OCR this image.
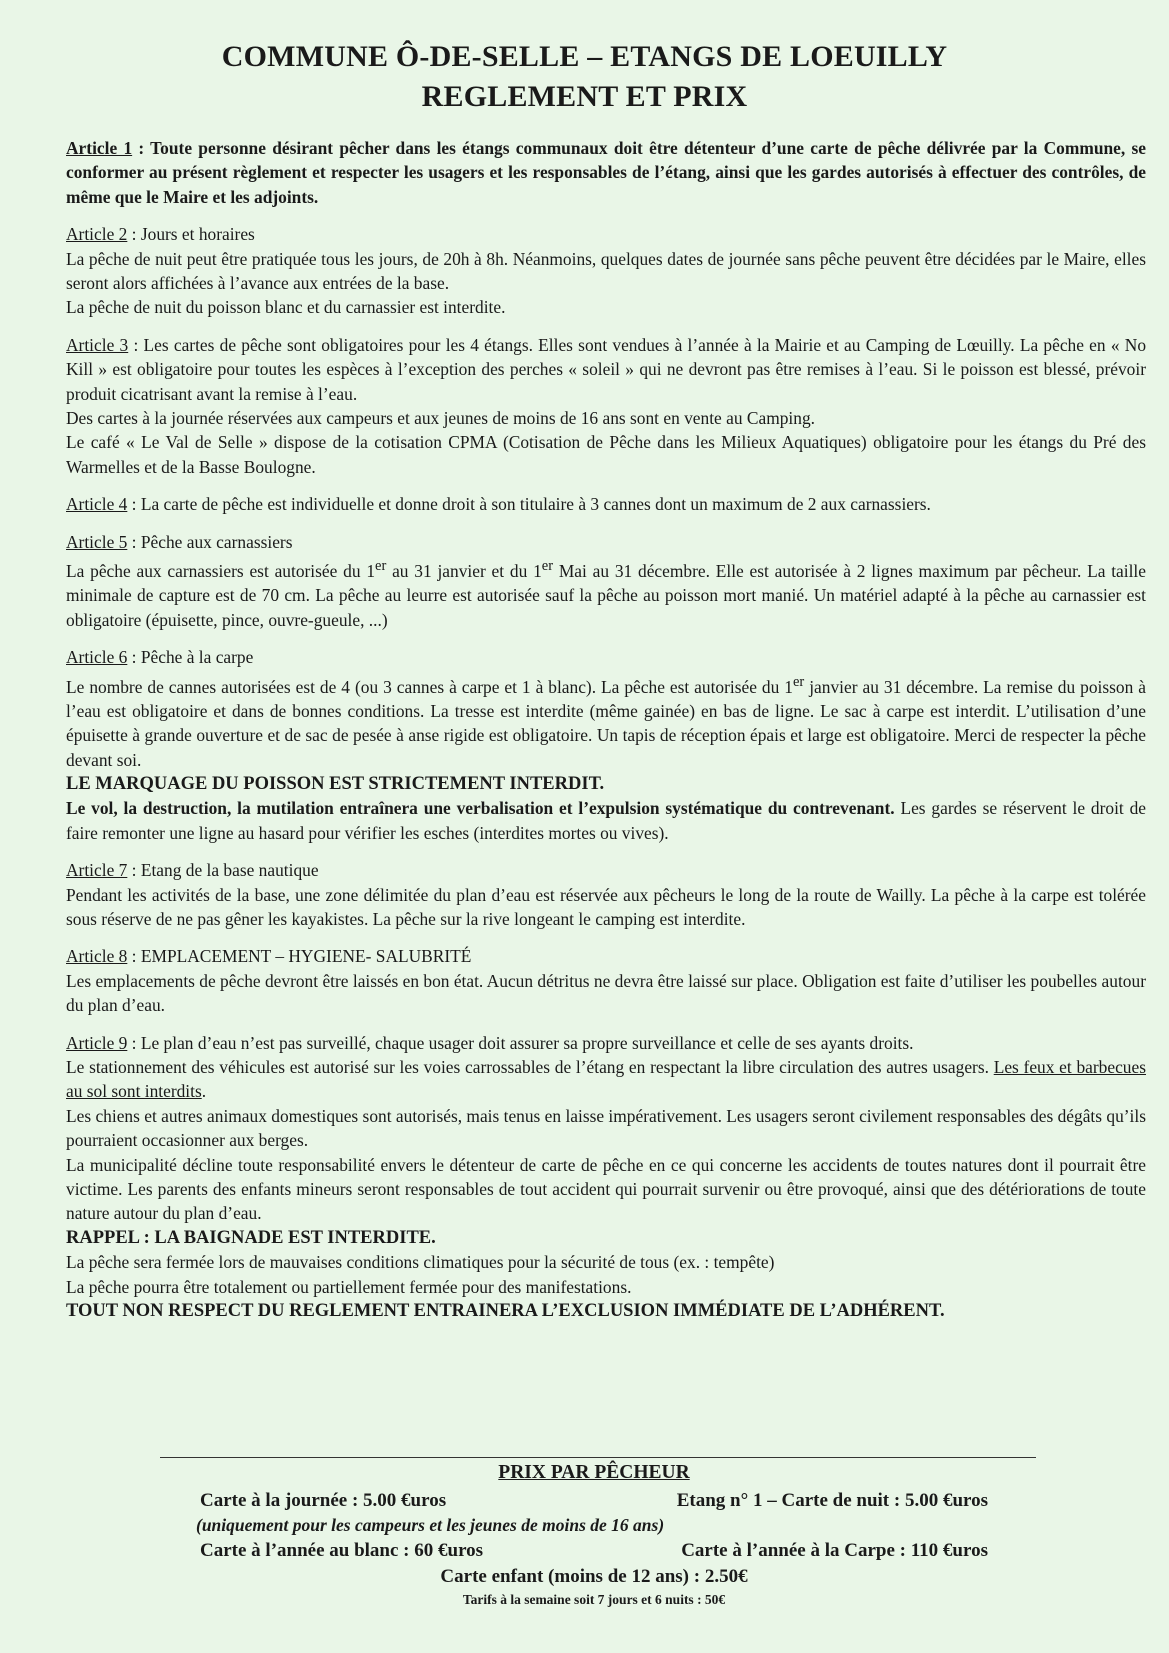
COMMUNE Ô-DE-SELLE – ETANGS DE LOEUILLY
REGLEMENT ET PRIX

Article 1 : Toute personne désirant pêcher dans les étangs communaux doit être détenteur d’une carte de pêche délivrée par la Commune, se conformer au présent règlement et respecter les usagers et les responsables de l’étang, ainsi que les gardes autorisés à effectuer des contrôles, de même que le Maire et les adjoints.

Article 2 : Jours et horaires

La pêche de nuit peut être pratiquée tous les jours, de 20h à 8h. Néanmoins, quelques dates de journée sans pêche peuvent être décidées par le Maire, elles seront alors affichées à l’avance aux entrées de la base.

La pêche de nuit du poisson blanc et du carnassier est interdite.

Article 3 : Les cartes de pêche sont obligatoires pour les 4 étangs. Elles sont vendues à l’année à la Mairie et au Camping de Lœuilly. La pêche en « No Kill » est obligatoire pour toutes les espèces à l’exception des perches « soleil » qui ne devront pas être remises à l’eau. Si le poisson est blessé, prévoir produit cicatrisant avant la remise à l’eau.

Des cartes à la journée réservées aux campeurs et aux jeunes de moins de 16 ans sont en vente au Camping.

Le café « Le Val de Selle » dispose de la cotisation CPMA (Cotisation de Pêche dans les Milieux Aquatiques) obligatoire pour les étangs du Pré des Warmelles et de la Basse Boulogne.

Article 4 : La carte de pêche est individuelle et donne droit à son titulaire à 3 cannes dont un maximum de 2 aux carnassiers.

Article 5 : Pêche aux carnassiers

La pêche aux carnassiers est autorisée du 1er au 31 janvier et du 1er Mai au 31 décembre. Elle est autorisée à 2 lignes maximum par pêcheur. La taille minimale de capture est de 70 cm. La pêche au leurre est autorisée sauf la pêche au poisson mort manié. Un matériel adapté à la pêche au carnassier est obligatoire (épuisette, pince, ouvre-gueule, ...)

Article 6 : Pêche à la carpe

Le nombre de cannes autorisées est de 4 (ou 3 cannes à carpe et 1 à blanc). La pêche est autorisée du 1er janvier au 31 décembre. La remise du poisson à l’eau est obligatoire et dans de bonnes conditions. La tresse est interdite (même gainée) en bas de ligne. Le sac à carpe est interdit. L’utilisation d’une épuisette à grande ouverture et de sac de pesée à anse rigide est obligatoire. Un tapis de réception épais et large est obligatoire. Merci de respecter la pêche devant soi.

LE MARQUAGE DU POISSON EST STRICTEMENT INTERDIT.

Le vol, la destruction, la mutilation entraînera une verbalisation et l’expulsion systématique du contrevenant. Les gardes se réservent le droit de faire remonter une ligne au hasard pour vérifier les esches (interdites mortes ou vives).

Article 7 : Etang de la base nautique

Pendant les activités de la base, une zone délimitée du plan d’eau est réservée aux pêcheurs le long de la route de Wailly. La pêche à la carpe est tolérée sous réserve de ne pas gêner les kayakistes. La pêche sur la rive longeant le camping est interdite.

Article 8 : EMPLACEMENT – HYGIENE- SALUBRITÉ

Les emplacements de pêche devront être laissés en bon état. Aucun détritus ne devra être laissé sur place. Obligation est faite d’utiliser les poubelles autour du plan d’eau.

Article 9 : Le plan d’eau n’est pas surveillé, chaque usager doit assurer sa propre surveillance et celle de ses ayants droits.

Le stationnement des véhicules est autorisé sur les voies carrossables de l’étang en respectant la libre circulation des autres usagers. Les feux et barbecues au sol sont interdits.

Les chiens et autres animaux domestiques sont autorisés, mais tenus en laisse impérativement. Les usagers seront civilement responsables des dégâts qu’ils pourraient occasionner aux berges.

La municipalité décline toute responsabilité envers le détenteur de carte de pêche en ce qui concerne les accidents de toutes natures dont il pourrait être victime. Les parents des enfants mineurs seront responsables de tout accident qui pourrait survenir ou être provoqué, ainsi que des détériorations de toute nature autour du plan d’eau.

RAPPEL : LA BAIGNADE EST INTERDITE.

La pêche sera fermée lors de mauvaises conditions climatiques pour la sécurité de tous (ex. : tempête)

La pêche pourra être totalement ou partiellement fermée pour des manifestations.

TOUT NON RESPECT DU REGLEMENT ENTRAINERA L’EXCLUSION IMMÉDIATE DE L’ADHÉRENT.

PRIX PAR PÊCHEUR
Carte à la journée : 5.00 €uros	Etang n° 1 – Carte de nuit : 5.00 €uros
(uniquement pour les campeurs et les jeunes de moins de 16 ans)
Carte à l’année au blanc : 60 €uros	Carte à l’année à la Carpe : 110 €uros
Carte enfant (moins de 12 ans) : 2.50€
Tarifs à la semaine soit 7 jours et 6 nuits : 50€
